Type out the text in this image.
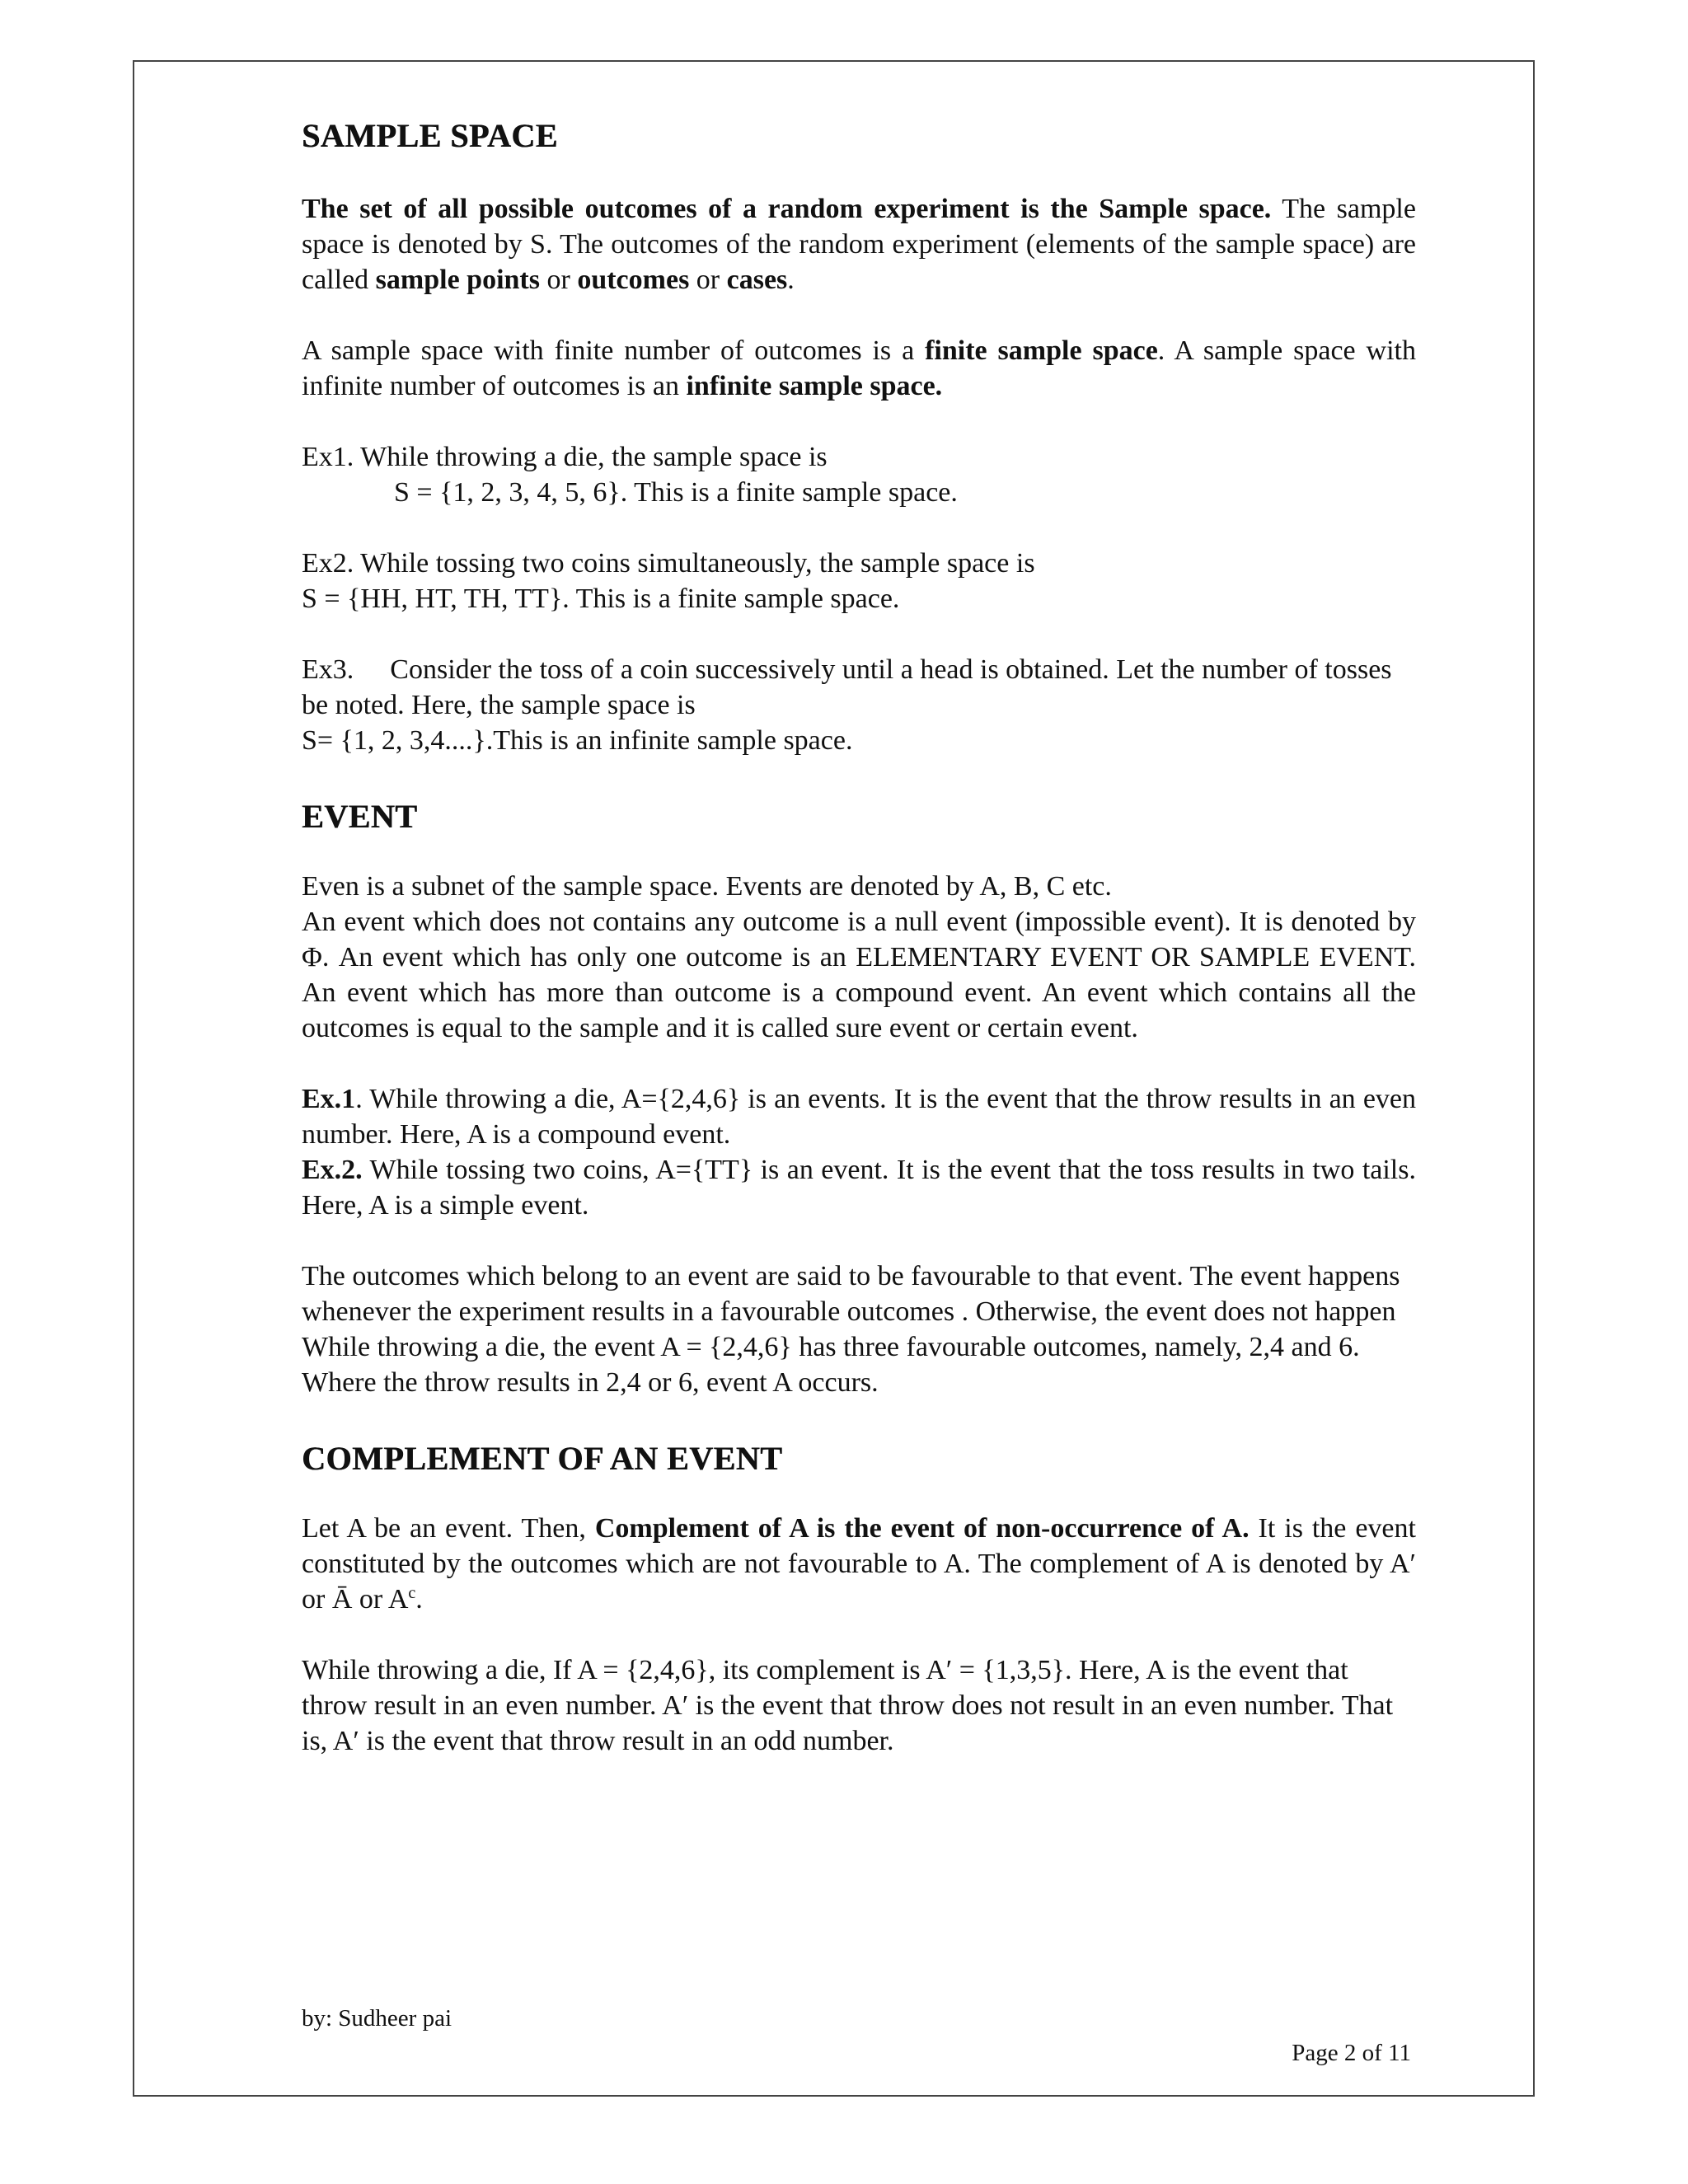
SAMPLE SPACE

The set of all possible outcomes of a random experiment is the Sample space. The sample space is denoted by S. The outcomes of the random experiment (elements of the sample space) are called sample points or outcomes or cases.

A sample space with finite number of outcomes is a finite sample space. A sample space with infinite number of outcomes is an infinite sample space.

Ex1. While throwing a die, the sample space is

S = {1, 2, 3, 4, 5, 6}. This is a finite sample space.

Ex2. While tossing two coins simultaneously, the sample space is

S = {HH, HT, TH, TT}. This is a finite sample space.

Ex3. Consider the toss of a coin successively until a head is obtained. Let the number of tosses be noted. Here, the sample space is

S= {1, 2, 3,4....}.This is an infinite sample space.

EVENT

Even is a subnet of the sample space. Events are denoted by A, B, C etc.

An event which does not contains any outcome is a null event (impossible event). It is denoted by Φ. An event which has only one outcome is an ELEMENTARY EVENT OR SAMPLE EVENT. An event which has more than outcome is a compound event. An event which contains all the outcomes is equal to the sample and it is called sure event or certain event.

Ex.1. While throwing a die, A={2,4,6} is an events. It is the event that the throw results in an even number. Here, A is a compound event.

Ex.2. While tossing two coins, A={TT} is an event. It is the event that the toss results in two tails. Here, A is a simple event.

The outcomes which belong to an event are said to be favourable to that event. The event happens whenever the experiment results in a favourable outcomes . Otherwise, the event does not happen

While throwing a die, the event A = {2,4,6} has three favourable outcomes, namely, 2,4 and 6. Where the throw results in 2,4 or 6, event A occurs.

COMPLEMENT OF AN EVENT

Let A be an event. Then, Complement of A is the event of non-occurrence of A. It is the event constituted by the outcomes which are not favourable to A. The complement of A is denoted by A′ or Ā or $A^c$.

While throwing a die, If A = {2,4,6}, its complement is A′ = {1,3,5}. Here, A is the event that throw result in an even number. A′ is the event that throw does not result in an even number. That is, A′ is the event that throw result in an odd number.

by: Sudheer pai
Page 2 of 11
